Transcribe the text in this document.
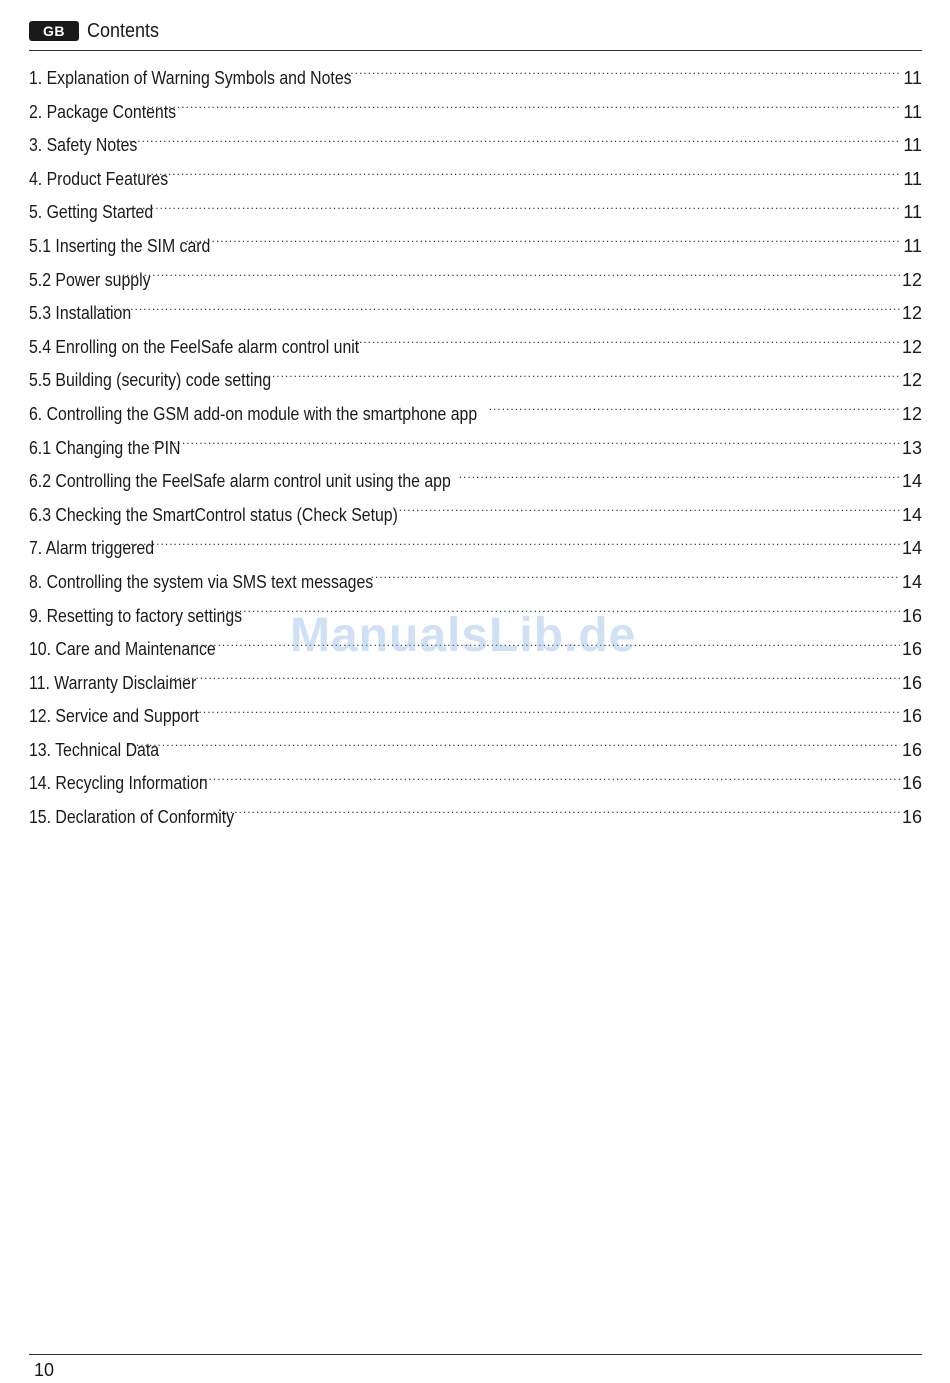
GB	Contents
1. Explanation of Warning Symbols and Notes .....	11
2. Package Contents .....	11
3. Safety Notes .....	11
4. Product Features .....	11
5. Getting Started .....	11
5.1 Inserting the SIM card .....	11
5.2 Power supply .....	12
5.3 Installation .....	12
5.4 Enrolling on the FeelSafe alarm control unit .....	12
5.5 Building (security) code setting .....	12
6. Controlling the GSM add-on module with the smartphone app .....	12
6.1 Changing the PIN .....	13
6.2 Controlling the FeelSafe alarm control unit using the app .....	14
6.3 Checking the SmartControl status (Check Setup) .....	14
7. Alarm triggered .....	14
8. Controlling the system via SMS text messages .....	14
9. Resetting to factory settings .....	16
10. Care and Maintenance .....	16
11. Warranty Disclaimer .....	16
12. Service and Support .....	16
13. Technical Data .....	16
14. Recycling Information .....	16
15. Declaration of Conformity .....	16
ManualsLib.de
10
